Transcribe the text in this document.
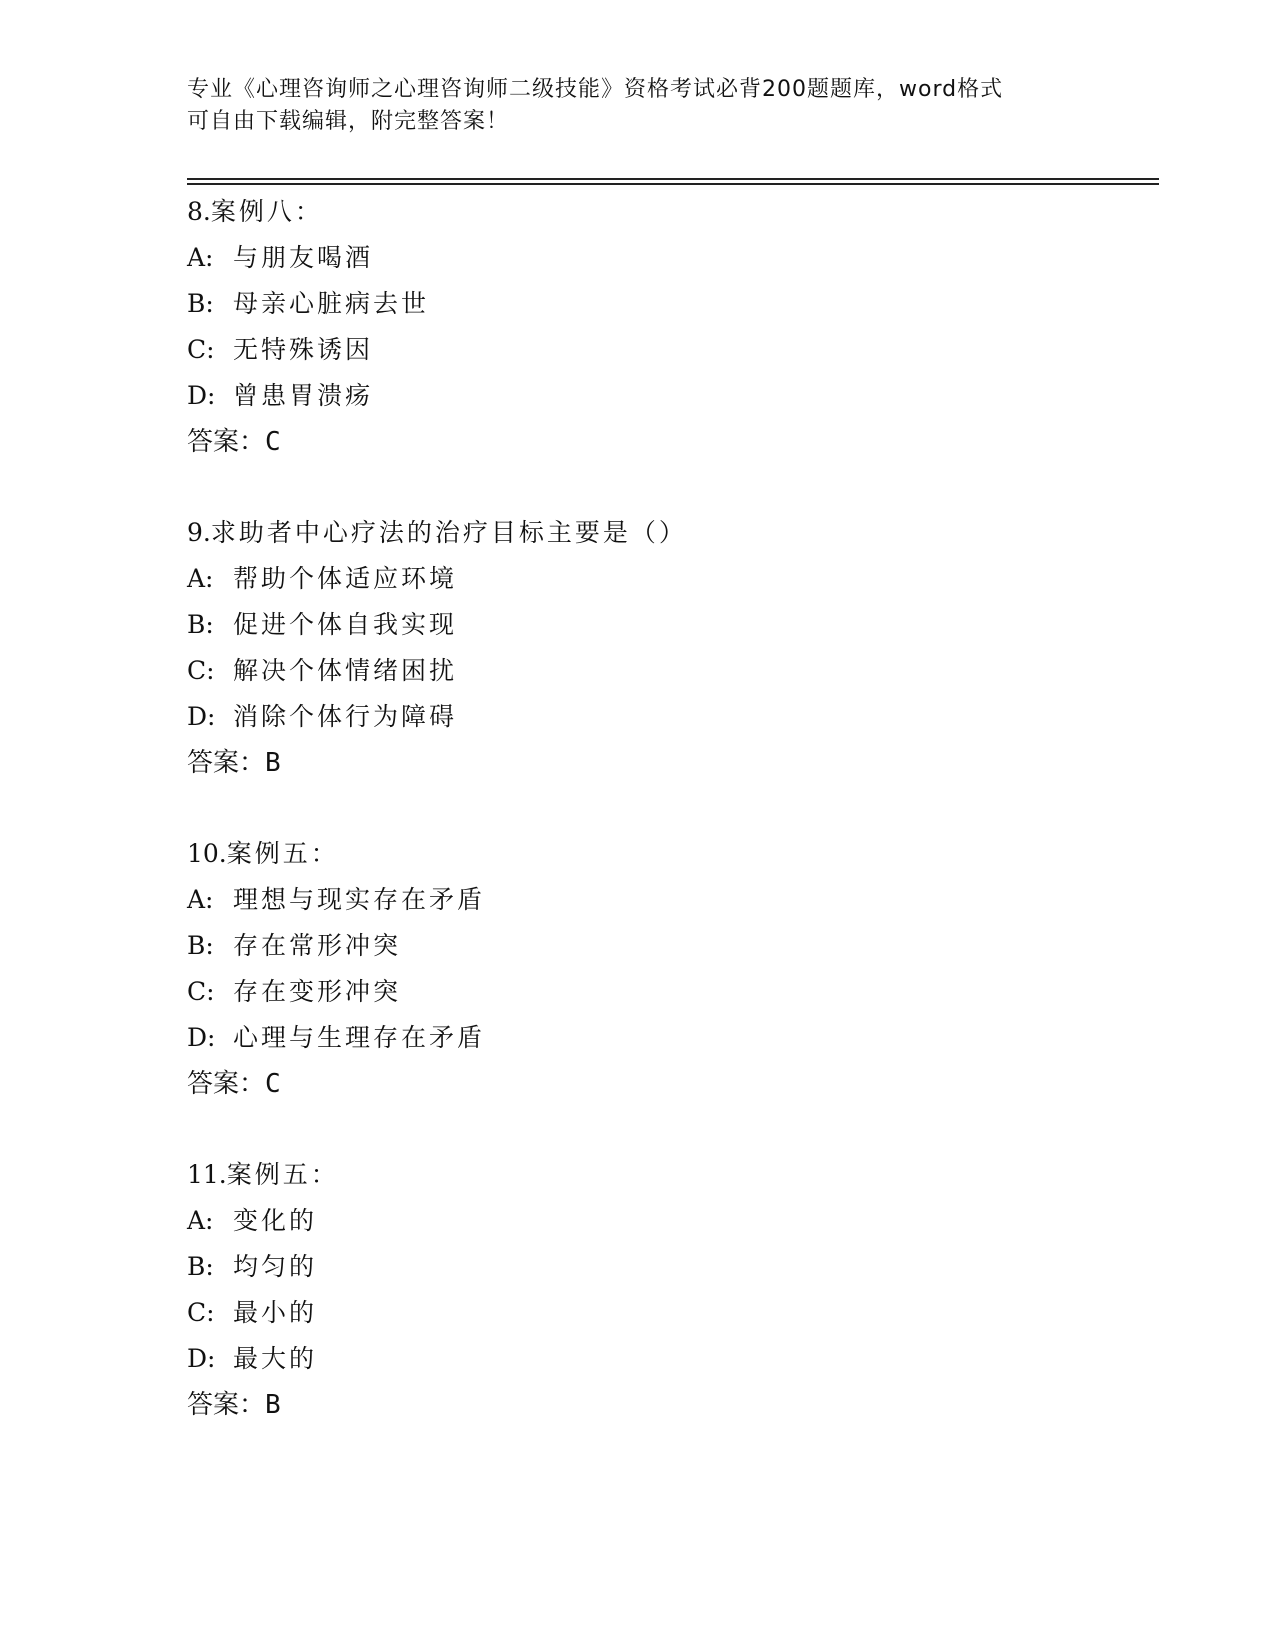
专业《心理咨询师之心理咨询师二级技能》资格考试必背200题题库，word格式
可自由下载编辑，附完整答案！
8.案例八：
A: 与朋友喝酒
B: 母亲心脏病去世
C: 无特殊诱因
D: 曾患胃溃疡
答案：C
9.求助者中心疗法的治疗目标主要是（）
A: 帮助个体适应环境
B: 促进个体自我实现
C: 解决个体情绪困扰
D: 消除个体行为障碍
答案：B
10.案例五：
A: 理想与现实存在矛盾
B: 存在常形冲突
C: 存在变形冲突
D: 心理与生理存在矛盾
答案：C
11.案例五：
A: 变化的
B: 均匀的
C: 最小的
D: 最大的
答案：B
